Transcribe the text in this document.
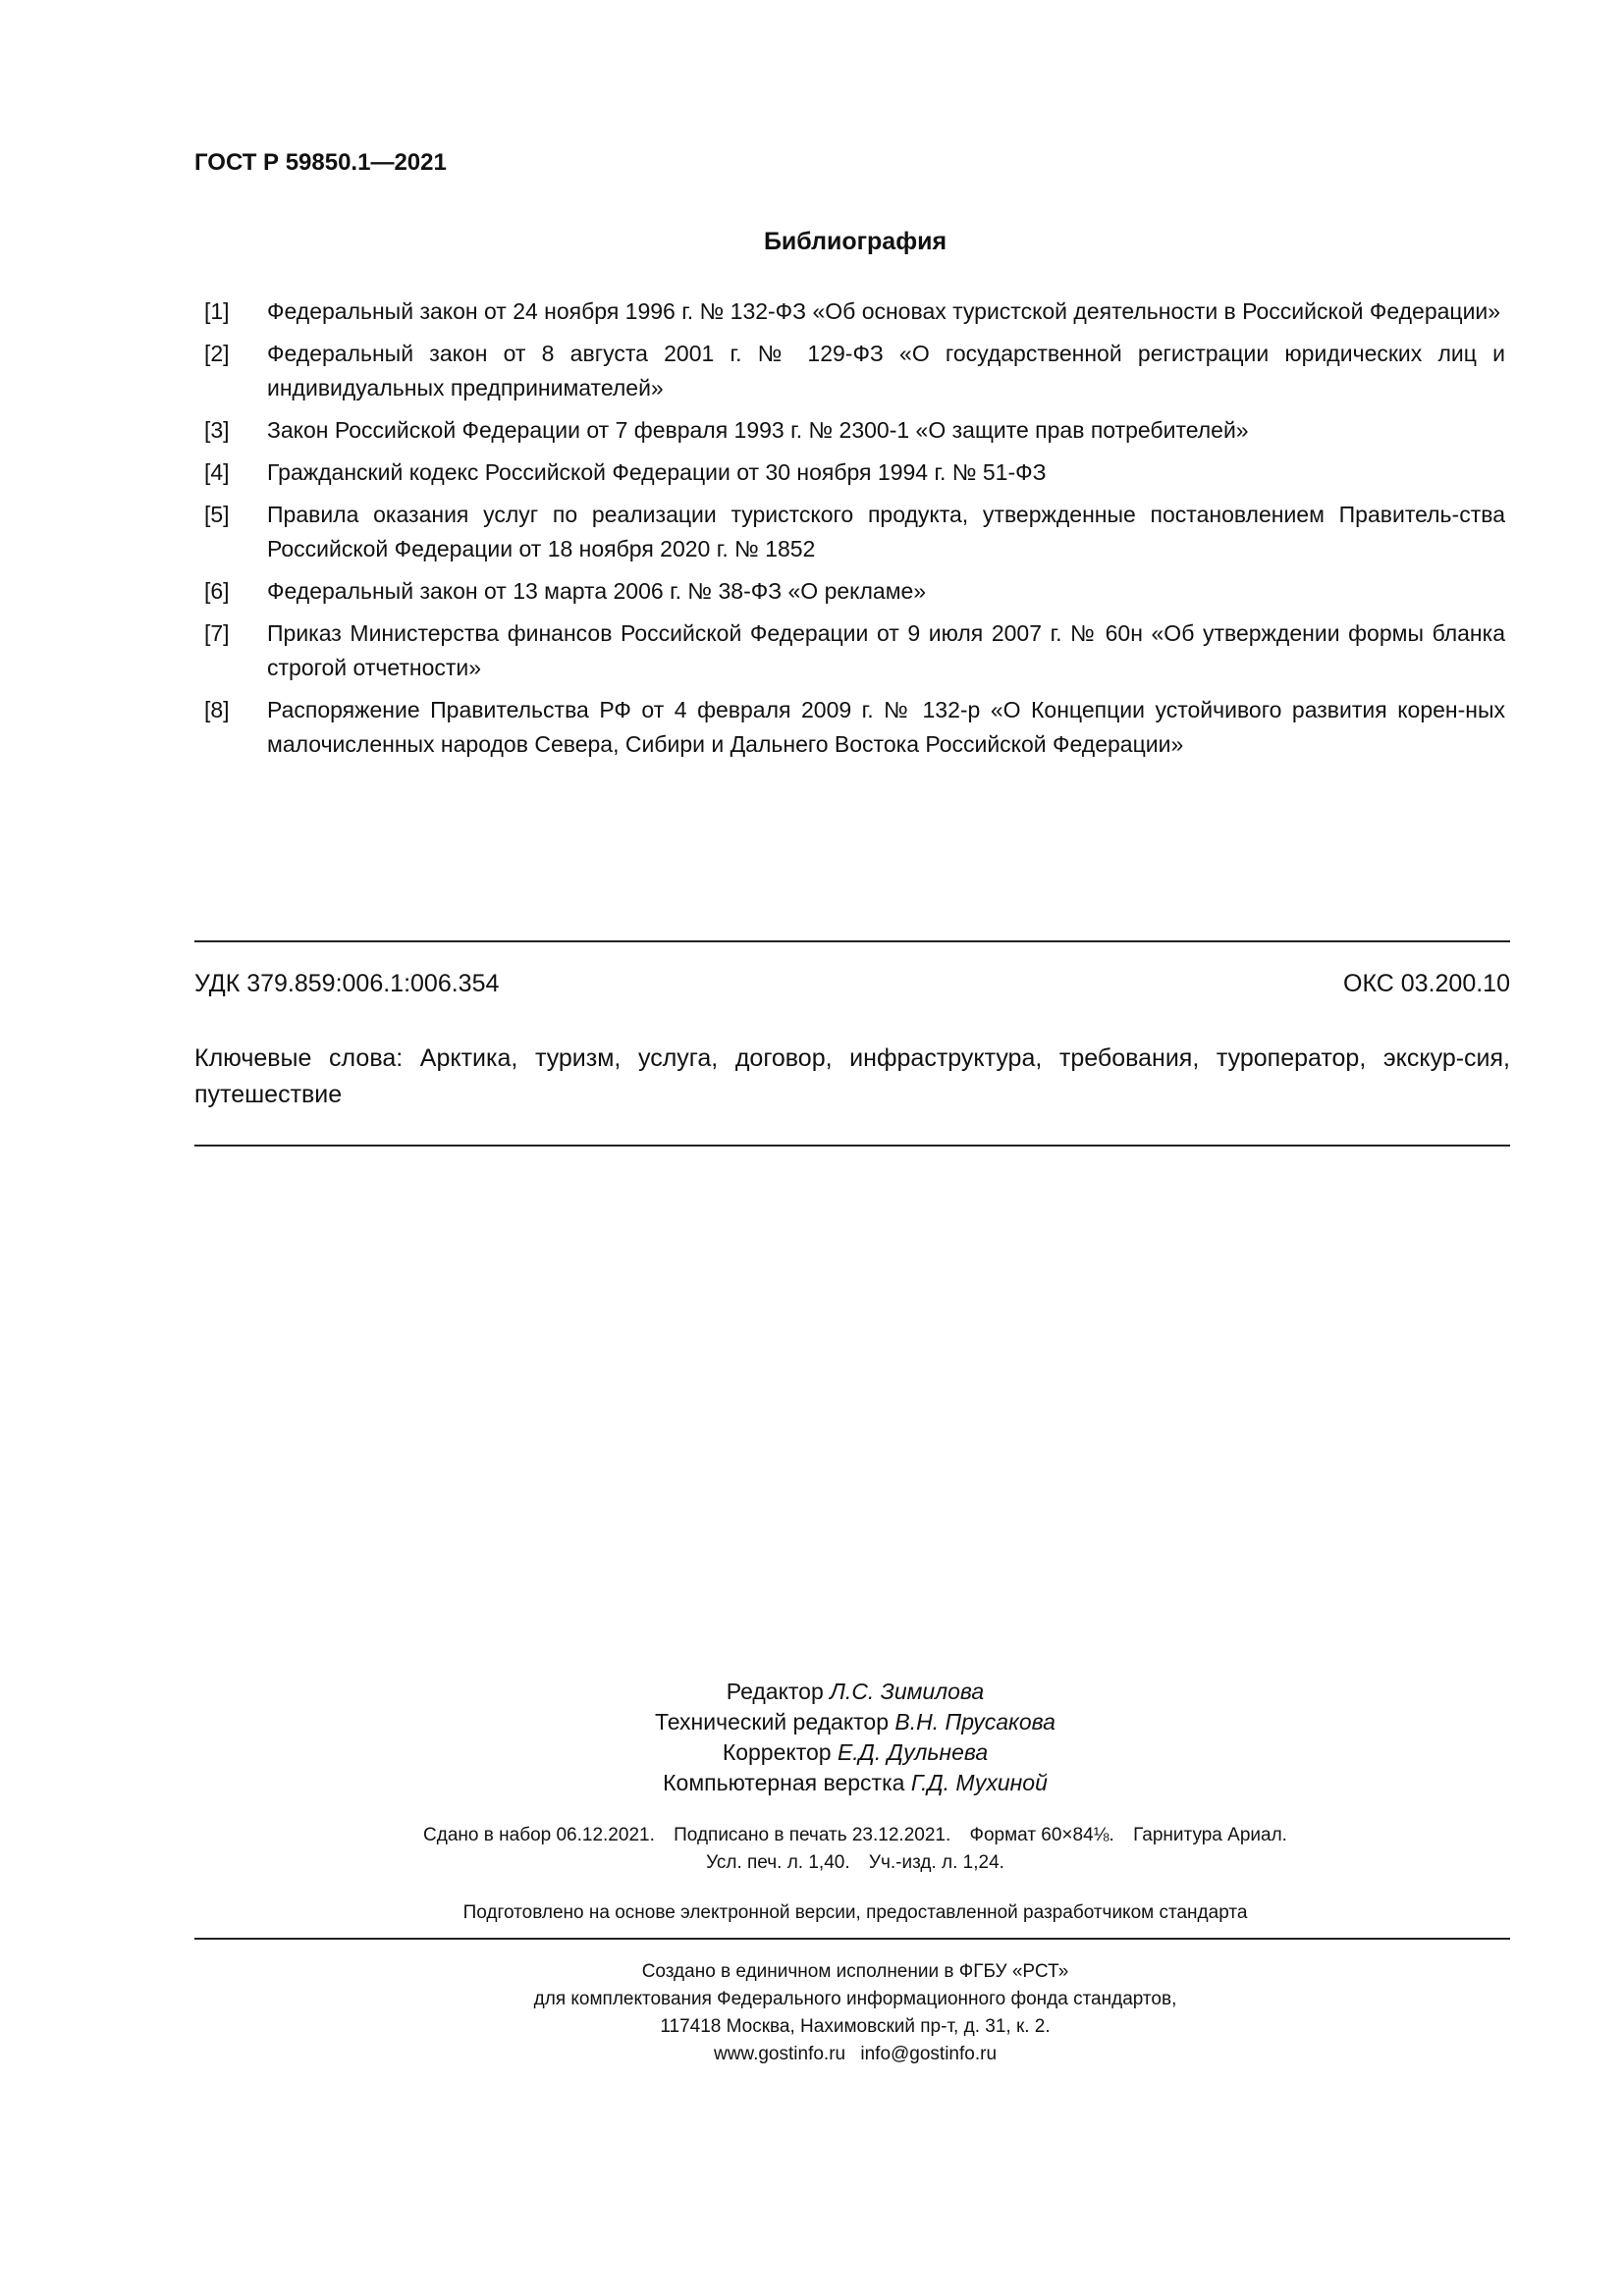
ГОСТ Р 59850.1—2021
Библиография
[1]	Федеральный закон от 24 ноября 1996 г. № 132-ФЗ «Об основах туристской деятельности в Российской Федерации»
[2]	Федеральный закон от 8 августа 2001 г. № 129-ФЗ «О государственной регистрации юридических лиц и индивидуальных предпринимателей»
[3]	Закон Российской Федерации от 7 февраля 1993 г. № 2300-1 «О защите прав потребителей»
[4]	Гражданский кодекс Российской Федерации от 30 ноября 1994 г. № 51-ФЗ
[5]	Правила оказания услуг по реализации туристского продукта, утвержденные постановлением Правитель-ства Российской Федерации от 18 ноября 2020 г. № 1852
[6]	Федеральный закон от 13 марта 2006 г. № 38-ФЗ «О рекламе»
[7]	Приказ Министерства финансов Российской Федерации от 9 июля 2007 г. № 60н «Об утверждении формы бланка строгой отчетности»
[8]	Распоряжение Правительства РФ от 4 февраля 2009 г. № 132-р «О Концепции устойчивого развития корен-ных малочисленных народов Севера, Сибири и Дальнего Востока Российской Федерации»
УДК 379.859:006.1:006.354	ОКС 03.200.10
Ключевые слова: Арктика, туризм, услуга, договор, инфраструктура, требования, туроператор, экскур-сия, путешествие
Редактор Л.С. Зимилова
Технический редактор В.Н. Прусакова
Корректор Е.Д. Дульнева
Компьютерная верстка Г.Д. Мухиной
Сдано в набор 06.12.2021. Подписано в печать 23.12.2021. Формат 60×84⅛. Гарнитура Ариал.
Усл. печ. л. 1,40. Уч.-изд. л. 1,24.
Подготовлено на основе электронной версии, предоставленной разработчиком стандарта
Создано в единичном исполнении в ФГБУ «РСТ»
для комплектования Федерального информационного фонда стандартов,
117418 Москва, Нахимовский пр-т, д. 31, к. 2.
www.gostinfo.ru info@gostinfo.ru
